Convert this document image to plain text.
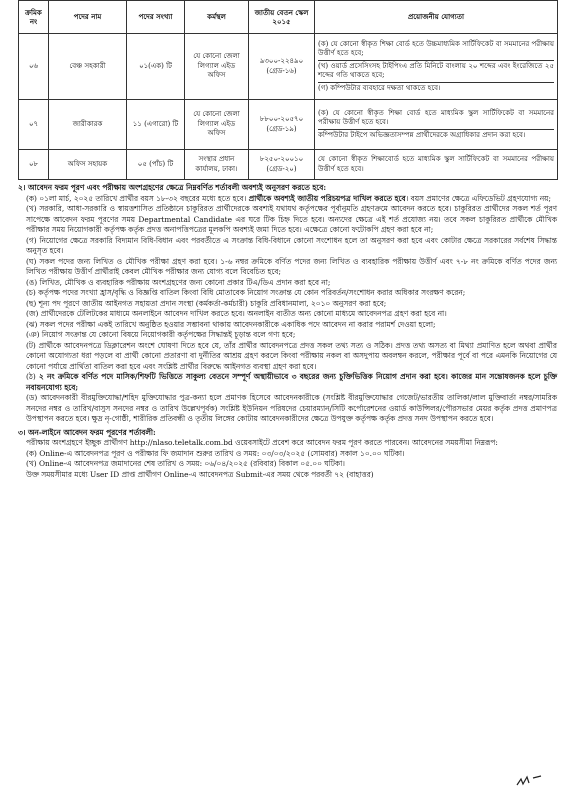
ক্রমিক নং	পদের নাম	পদের সংখ্যা	কর্মস্থল	জাতীয় বেতন স্কেল ২০১৫	প্রয়োজনীয় যোগ্যতা
০৬	বেঞ্চ সহকারী	০১(এক) টি	যে কোনো জেলা লিগ্যাল এইড অফিস	৯৩০০-২২৪৯০ (গ্রেড-১৬)	(ক) যে কোনো স্বীকৃত শিক্ষা বোর্ড হতে উচ্চমাধ্যমিক সার্টিফিকেট বা সমমানের পরীক্ষায় উত্তীর্ণ হতে হবে;
(খ) ওয়ার্ড প্রসেসিংসহ টাইপিংএ প্রতি মিনিটে বাংলায় ২০ শব্দের এবং ইংরেজিতে ২৫ শব্দের গতি থাকতে হবে;
(গ) কম্পিউটার ব্যবহারে দক্ষতা থাকতে হবে।

০৭	জারীকারক	১১ (এগারো) টি	যে কোনো জেলা লিগ্যাল এইড অফিস	৮৮০০-২০৫৭০ (গ্রেড-১৯)	(ক) যে কোনো স্বীকৃত শিক্ষা বোর্ড হতে মাধ্যমিক স্কুল সার্টিফিকেট বা সমমানের পরীক্ষায় উত্তীর্ণ হতে হবে।
কম্পিউটার টাইপে অভিজ্ঞতাসম্পন্ন প্রার্থীদেরকে অগ্রাধিকার প্রদান করা হবে।

০৮	অফিস সহায়ক	০৫ (পাঁচ) টি	সংস্থার প্রধান কার্যালয়, ঢাকা।	৮২৫০-২০০১০ (গ্রেড-২০)	যে কোনো স্বীকৃত শিক্ষাবোর্ড হতে মাধ্যমিক স্কুল সার্টিফিকেট বা সমমানের পরীক্ষায় উত্তীর্ণ হতে হবে।
২। আবেদন ফরম পূরণ এবং পরীক্ষায় অংশগ্রহণের ক্ষেত্রে নিম্নবর্ণিত শর্তাবলী অবশ্যই অনুসরণ করতে হবে:

(ক) ০১লা মার্চ, ২০২৫ তারিখে প্রার্থীর বয়স ১৮-৩২ বছরের মধ্যে হতে হবে। প্রার্থীকে অবশ্যই জাতীয় পরিচয়পত্র দাখিল করতে হবে। বয়স প্রমাণের ক্ষেত্রে এফিডেভিট গ্রহণযোগ্য নয়;

(খ) সরকারি, আধা-সরকারি ও স্বায়ত্তশাসিত প্রতিষ্ঠানে চাকুরিরত প্রার্থীদেরকে অবশ্যই যথাযথ কর্তৃপক্ষের পূর্বানুমতি গ্রহণক্রমে আবেদন করতে হবে। চাকুরিরত প্রার্থীদের সকল শর্ত পূরণ সাপেক্ষে আবেদন ফরম পূরণের সময় Departmental Candidate এর ঘরে টিক চিহ্ন দিতে হবে। অন্যদের ক্ষেত্রে এই শর্ত প্রযোজ্য নয়। তবে সকল চাকুরিরত প্রার্থীকে মৌখিক পরীক্ষার সময় নিয়োগকারী কর্তৃপক্ষ কর্তৃক প্রদত্ত অনাপত্তিপত্রের মূলকপি অবশ্যই জমা দিতে হবে। এক্ষেত্রে কোনো ফটোকপি গ্রহণ করা হবে না;

(গ) নিয়োগের ক্ষেত্রে সরকারি বিদ্যমান বিধি-বিধান এবং পরবর্তীতে এ সংক্রান্ত বিধি-বিধানে কোনো সংশোধন হলে তা অনুসরণ করা হবে এবং কোটার ক্ষেত্রে সরকারের সর্বশেষ সিদ্ধান্ত অনুসৃত হবে।

(ঘ) সকল পদের জন্য লিখিত ও মৌখিক পরীক্ষা গ্রহণ করা হবে। ১-৬ নম্বর ক্রমিকে বর্ণিত পদের জন্য লিখিত ও ব্যবহারিক পরীক্ষায় উত্তীর্ণ এবং ৭-৮ নং ক্রমিকে বর্ণিত পদের জন্য লিখিত পরীক্ষায় উত্তীর্ণ প্রার্থীরাই কেবল মৌখিক পরীক্ষার জন্য যোগ্য বলে বিবেচিত হবে;

(ঙ) লিখিত, মৌখিক ও ব্যবহারিক পরীক্ষায় অংশগ্রহণের জন্য কোনো প্রকার টিএ/ডিএ প্রদান করা হবে না;

(চ) কর্তৃপক্ষ পদের সংখ্যা হ্রাস/বৃদ্ধি ও বিজ্ঞপ্তি বাতিল কিংবা বিধি মোতাবেক নিয়োগ সংক্রান্ত যে কোন পরিবর্তন/সংশোধন করার অধিকার সংরক্ষণ করেন;

(ছ) শূন্য পদ পূরণে জাতীয় আইনগত সহায়তা প্রদান সংস্থা (কর্মকর্তা-কর্মচারী) চাকুরি প্রবিধানমালা, ২০১০ অনুসরণ করা হবে;

(জ) প্রার্থীদেরকে টেলিটকের মাধ্যমে অনলাইনে আবেদন দাখিল করতে হবে। অনলাইন ব্যতীত অন্য কোনো মাধ্যমে আবেদনপত্র গ্রহণ করা হবে না।

(ঝ) সকল পদের পরীক্ষা একই তারিখে অনুষ্ঠিত হওয়ার সম্ভাবনা থাকায় আবেদনকারীকে একাধিক পদে আবেদন না করার পরামর্শ দেওয়া হলো;

(ঞ) নিয়োগ সংক্রান্ত যে কোনো বিষয়ে নিয়োগকারী কর্তৃপক্ষের সিদ্ধান্তই চূড়ান্ত বলে গণ্য হবে;

(ট) প্রার্থীকে আবেদনপত্রে ডিক্লারেশন অংশে ঘোষণা দিতে হবে যে, তাঁর প্রার্থীর আবেদনপত্রে প্রদত্ত সকল তথ্য সত্য ও সঠিক। প্রদত্ত তথ্য অসত্য বা মিথ্যা প্রমাণিত হলে অথবা প্রার্থীর কোনো অযোগ্যতা ধরা পড়লে বা প্রার্থী কোনো প্রতারণা বা দুর্নীতির আশ্রয় গ্রহণ করলে কিংবা পরীক্ষায় নকল বা অসদুপায় অবলম্বন করলে, পরীক্ষার পূর্বে বা পরে এমনকি নিয়োগের যে কোনো পর্যায়ে প্রার্থিতা বাতিল করা হবে এবং সংশ্লিষ্ট প্রার্থীর বিরুদ্ধে আইনগত ব্যবস্থা গ্রহণ করা হবে।

(ঠ) ২ নং ক্রমিকে বর্ণিত পদে মাসিক/শিফটি ভিত্তিতে সাকুল্য বেতনে সম্পূর্ণ অস্থায়ীভাবে ৩ বছরের জন্য চুক্তিভিত্তিক নিয়োগ প্রদান করা হবে। কাজের মান সন্তোষজনক হলে চুক্তি নবায়নযোগ্য হবে;

(ড) আবেদনকারী বীরমুক্তিযোদ্ধা/শহিদ মুক্তিযোদ্ধার পুত্র-কন্যা হলে প্রমাণক হিসেবে আবেদনকারীকে (সংশ্লিষ্ট বীরমুক্তিযোদ্ধার গেজেট/ভারতীয় তালিকা/লাল মুক্তিবার্তা নম্বর/সামরিক সনদের নম্বর ও তারিখ/বাসুস সনদের নম্বর ও তারিখ উল্লেখপূর্বক) সংশ্লিষ্ট ইউনিয়ন পরিষদের চেয়ারম্যান/সিটি কর্পোরেশনের ওয়ার্ড কাউন্সিলর/পৌরসভার মেয়র কর্তৃক প্রদত্ত প্রমাণপত্র উপস্থাপন করতে হবে। ক্ষুদ্র নৃ-গোষ্ঠী, শারীরিক প্রতিবন্ধী ও তৃতীয় লিঙ্গের কোটায় আবেদনকারীদের ক্ষেত্রে উপযুক্ত কর্তৃপক্ষ কর্তৃক প্রদত্ত সনদ উপস্থাপন করতে হবে।

৩। অন-লাইনে আবেদন ফরম পূরণের শর্তাবলী:

পরীক্ষায় অংশগ্রহণে ইচ্ছুক প্রার্থীগণ http://nlaso.teletalk.com.bd ওয়েবসাইটে প্রবেশ করে আবেদন ফরম পূরণ করতে পারবেন। আবেদনের সময়সীমা নিম্নরূপ:

(ক) Online-এ আবেদনপত্র পূরণ ও পরীক্ষার ফি জমাদান শুরুর তারিখ ও সময়: ০৩/০৩/২০২৫ (সোমবার) সকাল ১০.০০ ঘটিকা।

(খ) Online-এ আবেদনপত্র জমাদানের শেষ তারিখ ও সময়: ০৬/০৪/২০২৫ (রবিবার) বিকাল ০৫.০০ ঘটিকা।

উক্ত সময়সীমার মধ্যে User ID প্রাপ্ত প্রার্থীগণ Online-এ আবেদনপত্র Submit-এর সময় থেকে পরবর্তী ৭২ (বাহাত্তর)
